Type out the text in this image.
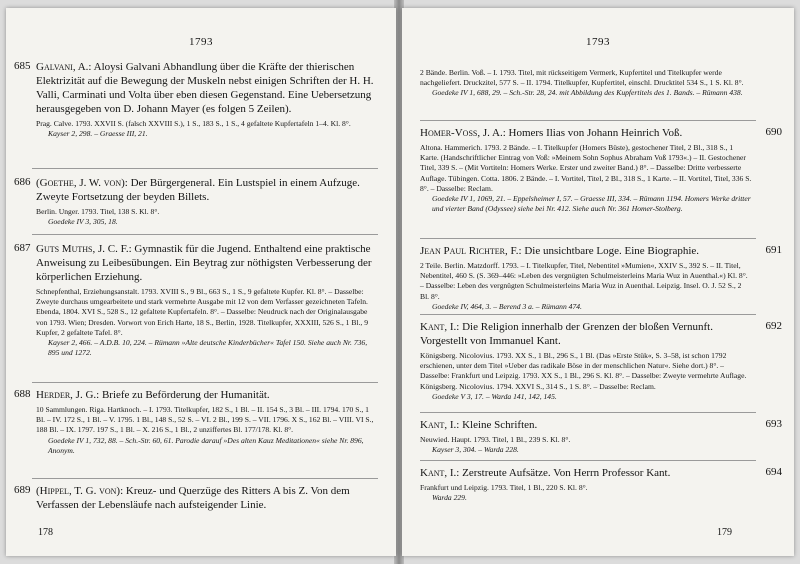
1793
685 Galvani, A.: Aloysi Galvani Abhandlung über die Kräfte der thierischen Elektrizität auf die Bewegung der Muskeln nebst einigen Schriften der H. H. Valli, Carminati und Volta über eben diesen Gegenstand. Eine Uebersetzung herausgegeben von D. Johann Mayer (es folgen 5 Zeilen).
Prag. Calve. 1793. XXVII S. (falsch XXVIII S.), 1 S., 183 S., 1 S., 4 gefaltete Kupfertafeln 1–4. Kl. 8°.
Kayser 2, 298. – Graesse III, 21.
686 (Goethe, J. W. von): Der Bürgergeneral. Ein Lustspiel in einem Aufzuge. Zweyte Fortsetzung der beyden Billets.
Berlin. Unger. 1793. Titel, 138 S. Kl. 8°.
Goedeke IV 3, 305, 18.
687 Guts Muths, J. C. F.: Gymnastik für die Jugend. Enthaltend eine praktische Anweisung zu Leibesübungen. Ein Beytrag zur nöthigsten Verbesserung der körperlichen Erziehung.
Schnepfenthal, Erziehungsanstalt. 1793. XVIII S., 9 Bl., 663 S., 1 S., 9 gefaltete Kupfer. Kl. 8°. – Dasselbe: Zweyte durchaus umgearbeitete und stark vermehrte Ausgabe mit 12 von dem Verfasser gezeichneten Tafeln. Ebenda, 1804. XVI S., 528 S., 12 gefaltete Kupfertafeln. 8°. – Dasselbe: Neudruck nach der Originalausgabe von 1793. Wien; Dresden. Vorwort von Erich Harte, 18 S., Berlin, 1928. Titelkupfer, XXXIII, 526 S., 1 Bl., 9 Kupfer, 2 gefaltete Tafel. 8°.
Kayser 2, 466. – A.D.B. 10, 224. – Rümann »Alte deutsche Kinderbücher« Tafel 150. Siehe auch Nr. 736, 895 und 1272.
688 Herder, J. G.: Briefe zu Beförderung der Humanität.
10 Sammlungen. Riga. Hartknoch. – I. 1793. Titelkupfer, 182 S., 1 Bl. – II. 154 S., 3 Bl. – III. 1794. 170 S., 1 Bl. – IV. 172 S., 1 Bl. – V. 1795. 1 Bl., 148 S., 52 S. – VI. 2 Bl., 199 S. – VII. 1796. X S., 162 Bl. – VIII. VI S., 188 Bl. – IX. 1797. 197 S., 1 Bl. – X. 216 S., 1 Bl., 2 unziffertes Bl. 177/178. Kl. 8°.
Goedeke IV 1, 732, 88. – Sch.-Str. 60, 61. Parodie darauf »Des alten Kauz Meditationen« siehe Nr. 896, Anonym.
689 (Hippel, T. G. von): Kreuz- und Querzüge des Ritters A bis Z. Von dem Verfassen der Lebensläufe nach aufsteigender Linie.
178
1793
2 Bände. Berlin. Voß. – I. 1793. Titel, mit rückseitigem Vermerk, Kupfertitel und Titelkupfer werde nachgeliefert. Druckzitel, 577 S. – II. 1794. Titelkupfer, Kupfertitel, einschl. Drucktitel 534 S., 1 S. Kl. 8°.
Goedeke IV 1, 688, 29. – Sch.-Str. 28, 24. mit Abbildung des Kupfertitels des 1. Bands. – Rümann 438.
690
Homer-Voss, J. A.: Homers Ilias von Johann Heinrich Voß.
Altona. Hammerich. 1793. 2 Bände. – I. Titelkupfer (Homers Büste), gestochener Titel, 2 Bl., 318 S., 1 Karte. (Handschriftlicher Eintrag von Voß: »Meinem Sohn Sophus Abraham Voß 1793«.) – II. Gestochener Titel, 339 S. – (Mit Vortiteln: Homers Werke. Erster und zweiter Band.) 8°. – Dasselbe: Dritte verbesserte Auflage. Tübingen. Cotta. 1806. 2 Bände. – I. Vortitel, Titel, 2 Bl., 318 S., 1 Karte. – II. Vortitel, Titel, 336 S. 8°. – Dasselbe: Reclam.
Goedeke IV 1, 1069, 21. – Eppelsheimer I, 57. – Graesse III, 334. – Rümann 1194. Homers Werke dritter und vierter Band (Odyssee) siehe bei Nr. 412. Siehe auch Nr. 361 Homer-Stolberg.
691
Jean Paul Richter, F.: Die unsichtbare Loge. Eine Biographie.
2 Teile. Berlin. Matzdorff. 1793. – I. Titelkupfer, Titel, Nebentitel »Mumien«, XXIV S., 392 S. – II. Titel, Nebentitel, 460 S. (S. 369–446: »Leben des vergnügten Schulmeisterleins Maria Wuz in Auenthal.«) Kl. 8°. – Dasselbe: Leben des vergnügten Schulmeisterleins Maria Wuz in Auenthal. Leipzig. Insel. O. J. 52 S., 2 Bl. 8°.
Goedeke IV, 464, 3. – Berend 3 a. – Rümann 474.
692
Kant, I.: Die Religion innerhalb der Grenzen der bloßen Vernunft. Vorgestellt von Immanuel Kant.
Königsberg. Nicolovius. 1793. XX S., 1 Bl., 296 S., 1 Bl. (Das »Erste Stük«, S. 3–58, ist schon 1792 erschienen, unter dem Titel »Ueber das radikale Böse in der menschlichen Natur«. Siehe dort.) 8°. – Dasselbe: Frankfurt und Leipzig. 1793. XX S., 1 Bl., 296 S. Kl. 8°. – Dasselbe: Zweyte vermehrte Auflage. Königsberg. Nicolovius. 1794. XXVI S., 314 S., 1 S. 8°. – Dasselbe: Reclam.
Goedeke V 3, 17. – Warda 141, 142, 145.
693
Kant, I.: Kleine Schriften.
Neuwied. Haupt. 1793. Titel, 1 Bl., 239 S. Kl. 8°.
Kayser 3, 304. – Warda 228.
694
Kant, I.: Zerstreute Aufsätze. Von Herrn Professor Kant.
Frankfurt und Leipzig. 1793. Titel, 1 Bl., 220 S. Kl. 8°.
Warda 229.
179
